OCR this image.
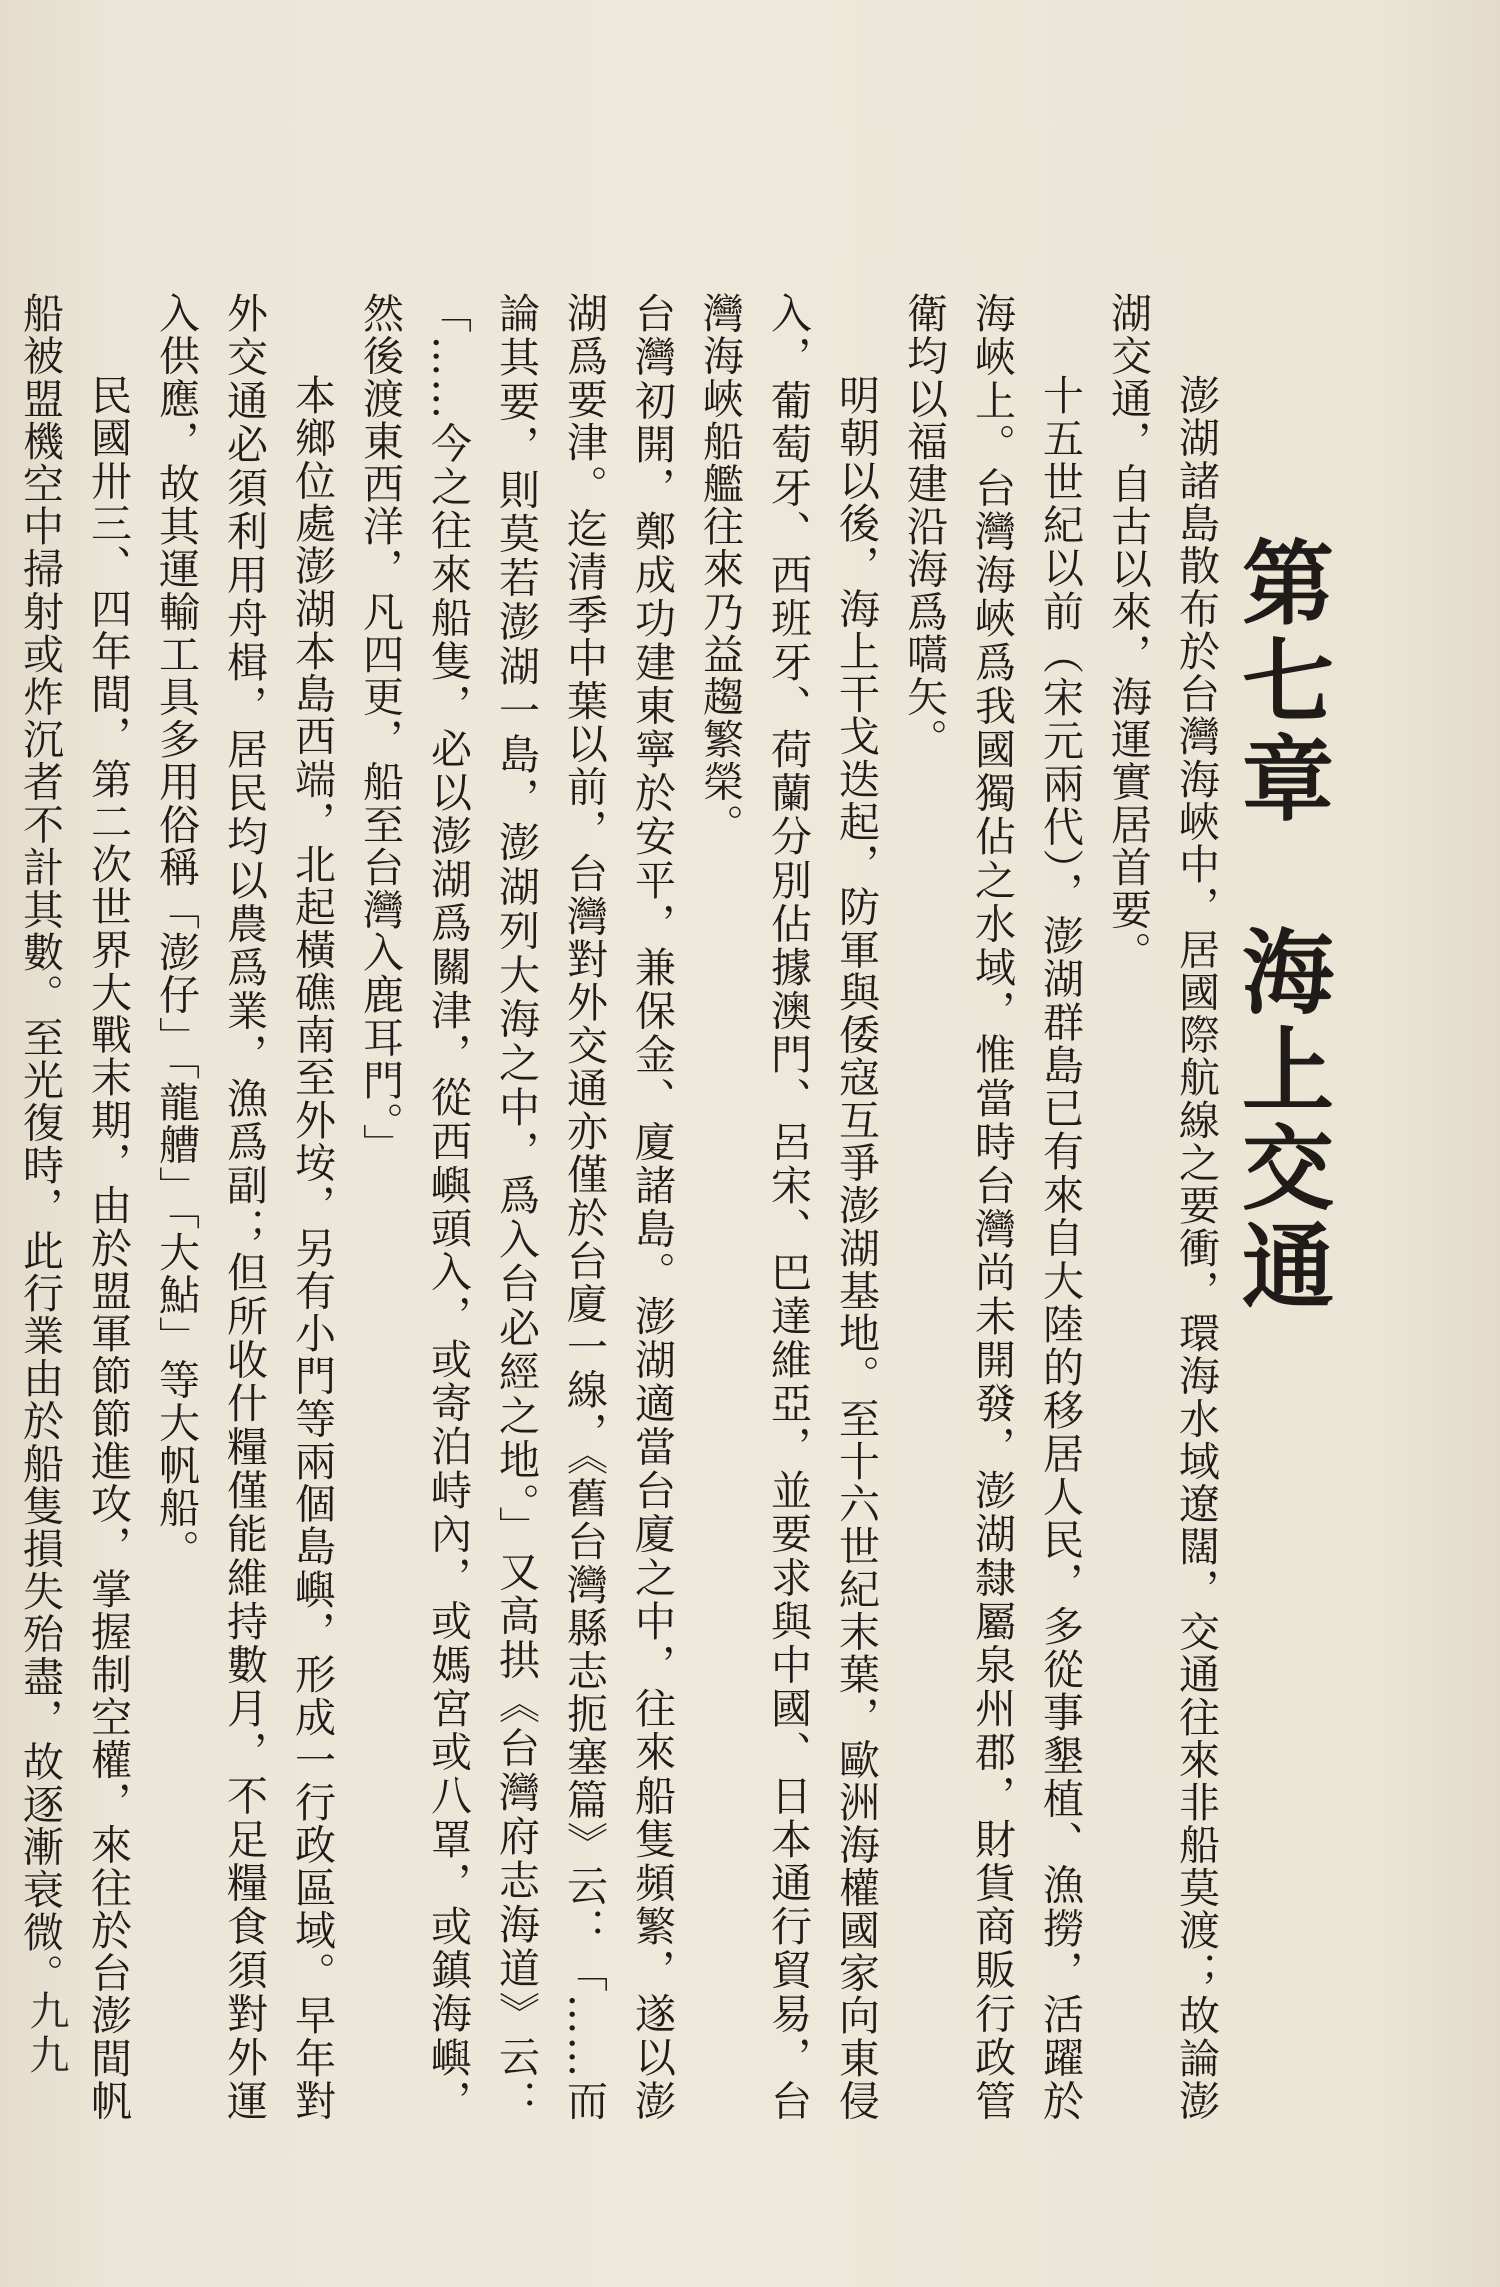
第七章海上交通

澎湖諸島散布於台灣海峽中，居國際航線之要衝，環海水域遼闊，交通往來非船莫渡；故論澎湖交通，自古以來，海運實居首要。

十五世紀以前（宋元兩代），澎湖群島已有來自大陸的移居人民，多從事墾植、漁撈，活躍於海峽上。台灣海峽爲我國獨佔之水域，惟當時台灣尚未開發，澎湖隸屬泉州郡，財貨商販行政管衛均以福建沿海爲嚆矢。

明朝以後，海上干戈迭起，防軍與倭寇互爭澎湖基地。至十六世紀末葉，歐洲海權國家向東侵入，葡萄牙、西班牙、荷蘭分別佔據澳門、呂宋、巴達維亞，並要求與中國、日本通行貿易，台灣海峽船艦往來乃益趨繁榮。

台灣初開，鄭成功建東寧於安平，兼保金、廈諸島。澎湖適當台廈之中，往來船隻頻繁，遂以澎湖爲要津。迄清季中葉以前，台灣對外交通亦僅於台廈一線，《舊台灣縣志扼塞篇》云：「……而論其要，則莫若澎湖一島，澎湖列大海之中，爲入台必經之地。」又高拱《台灣府志海道》云：「……今之往來船隻，必以澎湖爲關津，從西嶼頭入，或寄泊峙內，或媽宮或八罩，或鎮海嶼，然後渡東西洋，凡四更，船至台灣入鹿耳門。」

本鄉位處澎湖本島西端，北起橫礁南至外垵，另有小門等兩個島嶼，形成一行政區域。早年對外交通必須利用舟楫，居民均以農爲業，漁爲副；但所收什糧僅能維持數月，不足糧食須對外運入供應，故其運輸工具多用俗稱「澎仔」「龍艚」「大鮎」等大帆船。

民國卅三、四年間，第二次世界大戰末期，由於盟軍節節進攻，掌握制空權，來往於台澎間帆船被盟機空中掃射或炸沉者不計其數。至光復時，此行業由於船隻損失殆盡，故逐漸衰微。

九九
